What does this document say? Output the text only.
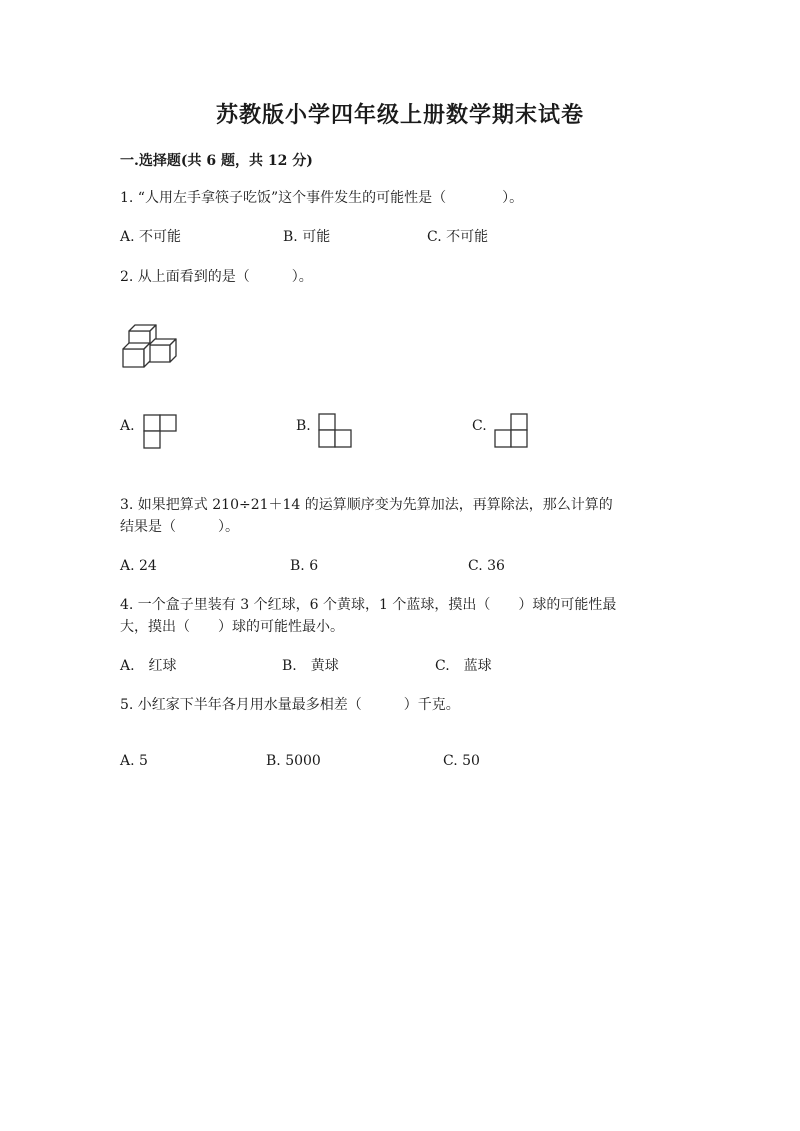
苏教版小学四年级上册数学期末试卷
一.选择题(共 6 题，共 12 分)
1. “人用左手拿筷子吃饭”这个事件发生的可能性是（　　　　）。
A. 不可能	B. 可能	C. 不可能
2. 从上面看到的是（　　　）。
A.	B.	C.
3. 如果把算式 210÷21＋14 的运算顺序变为先算加法，再算除法，那么计算的
结果是（　　　）。
A. 24	B. 6	C. 36
4. 一个盒子里装有 3 个红球，6 个黄球，1 个蓝球，摸出（　　）球的可能性最
大，摸出（　　）球的可能性最小。
A.　红球	B.　黄球	C.　蓝球
5. 小红家下半年各月用水量最多相差（　　　）千克。
A. 5	B. 5000	C. 50
